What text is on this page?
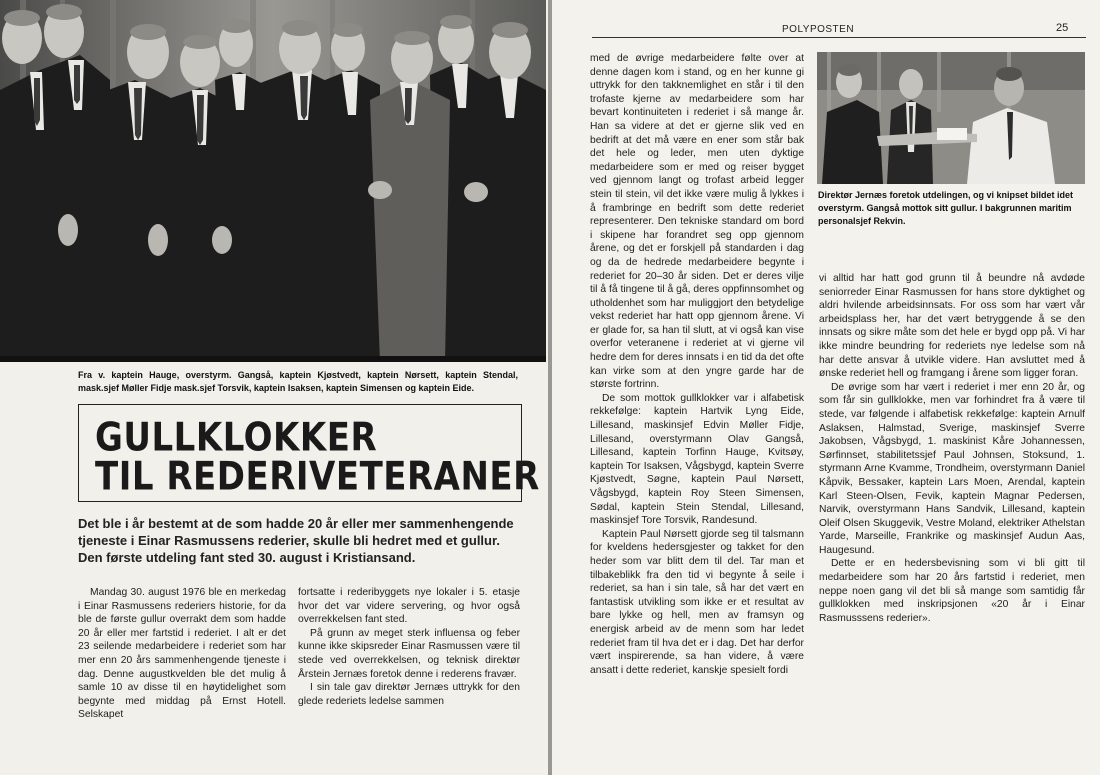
Fra v. kaptein Hauge, overstyrm. Gangså, kaptein Kjøstvedt, kaptein Nørsett, kaptein Stendal, mask.sjef Møller Fidje mask.sjef Torsvik, kaptein Isaksen, kaptein Simensen og kaptein Eide.
GULLKLOKKER
TIL REDERIVETERANER
Det ble i år bestemt at de som hadde 20 år eller mer sammenhengende tjeneste i Einar Rasmussens rederier, skulle bli hedret med et gullur. Den første utdeling fant sted 30. august i Kristiansand.

Mandag 30. august 1976 ble en merkedag i Einar Rasmussens rederiers historie, for da ble de første gullur overrakt dem som hadde 20 år eller mer fartstid i rederiet. I alt er det 23 seilende medarbeidere i rederiet som har mer enn 20 års sammenhengende tjeneste i dag. Denne augustkvelden ble det mulig å samle 10 av disse til en høytidelighet som begynte med middag på Ernst Hotell. Selskapet

fortsatte i rederibyggets nye lokaler i 5. etasje hvor det var videre servering, og hvor også overrekkelsen fant sted.

På grunn av meget sterk influensa og feber kunne ikke skipsreder Einar Rasmussen være til stede ved overrekkelsen, og teknisk direktør Årstein Jernæs foretok denne i rederens fravær.

I sin tale gav direktør Jernæs uttrykk for den glede rederiets ledelse sammen

POLYPOSTEN	25

med de øvrige medarbeidere følte over at denne dagen kom i stand, og en her kunne gi uttrykk for den takknemlighet en står i til den trofaste kjerne av medarbeidere som har bevart kontinuiteten i rederiet i så mange år. Han sa videre at det er gjerne slik ved en bedrift at det må være en ener som står bak det hele og leder, men uten dyktige medarbeidere som er med og reiser bygget ved gjennom langt og trofast arbeid legger stein til stein, vil det ikke være mulig å lykkes i å frambringe en bedrift som dette rederiet representerer. Den tekniske standard om bord i skipene har forandret seg opp gjennom årene, og det er forskjell på standarden i dag og da de hedrede medarbeidere begynte i rederiet for 20–30 år siden. Det er deres vilje til å få tingene til å gå, deres oppfinnsomhet og utholdenhet som har muliggjort den betydelige vekst rederiet har hatt opp gjennom årene. Vi er glade for, sa han til slutt, at vi også kan vise overfor veteranene i rederiet at vi gjerne vil hedre dem for deres innsats i en tid da det ofte kan virke som at den yngre garde har de største fortrinn.

De som mottok gullklokker var i alfabetisk rekkefølge: kaptein Hartvik Lyng Eide, Lillesand, maskinsjef Edvin Møller Fidje, Lillesand, overstyrmann Olav Gangså, Lillesand, kaptein Torfinn Hauge, Kvitsøy, kaptein Tor Isaksen, Vågsbygd, kaptein Sverre Kjøstvedt, Søgne, kaptein Paul Nørsett, Vågsbygd, kaptein Roy Steen Simensen, Sødal, kaptein Stein Stendal, Lillesand, maskinsjef Tore Torsvik, Randesund.

Kaptein Paul Nørsett gjorde seg til talsmann for kveldens hedersgjester og takket for den heder som var blitt dem til del. Tar man et tilbakeblikk fra den tid vi begynte å seile i rederiet, sa han i sin tale, så har det vært en fantastisk utvikling som ikke er et resultat av bare lykke og hell, men av framsyn og energisk arbeid av de menn som har ledet rederiet fram til hva det er i dag. Det har derfor vært inspirerende, sa han videre, å være ansatt i dette rederiet, kanskje spesielt fordi

Direktør Jernæs foretok utdelingen, og vi knipset bildet idet overstyrm. Gangså mottok sitt gullur. I bakgrunnen maritim personalsjef Rekvin.

vi alltid har hatt god grunn til å beundre nå avdøde seniorreder Einar Rasmussen for hans store dyktighet og aldri hvilende arbeidsinnsats. For oss som har vært vår arbeidsplass her, har det vært betryggende å se den innsats og sikre måte som det hele er bygd opp på. Vi har ikke mindre beundring for rederiets nye ledelse som nå har dette ansvar å utvikle videre. Han avsluttet med å ønske rederiet hell og framgang i årene som ligger foran.

De øvrige som har vært i rederiet i mer enn 20 år, og som får sin gullklokke, men var forhindret fra å være til stede, var følgende i alfabetisk rekkefølge: kaptein Arnulf Aslaksen, Halmstad, Sverige, maskinsjef Sverre Jakobsen, Vågsbygd, 1. maskinist Kåre Johannessen, Sørfinnset, stabilitetssjef Paul Johnsen, Stoksund, 1. styrmann Arne Kvamme, Trondheim, overstyrmann Daniel Kåpvik, Bessaker, kaptein Lars Moen, Arendal, kaptein Karl Steen-Olsen, Fevik, kaptein Magnar Pedersen, Narvik, overstyrmann Hans Sandvik, Lillesand, kaptein Oleif Olsen Skuggevik, Vestre Moland, elektriker Athelstan Yarde, Marseille, Frankrike og maskinsjef Audun Aas, Haugesund.

Dette er en hedersbevisning som vi bli gitt til medarbeidere som har 20 års fartstid i rederiet, men neppe noen gang vil det bli så mange som samtidig får gullklokken med inskripsjonen «20 år i Einar Rasmusssens rederier».
